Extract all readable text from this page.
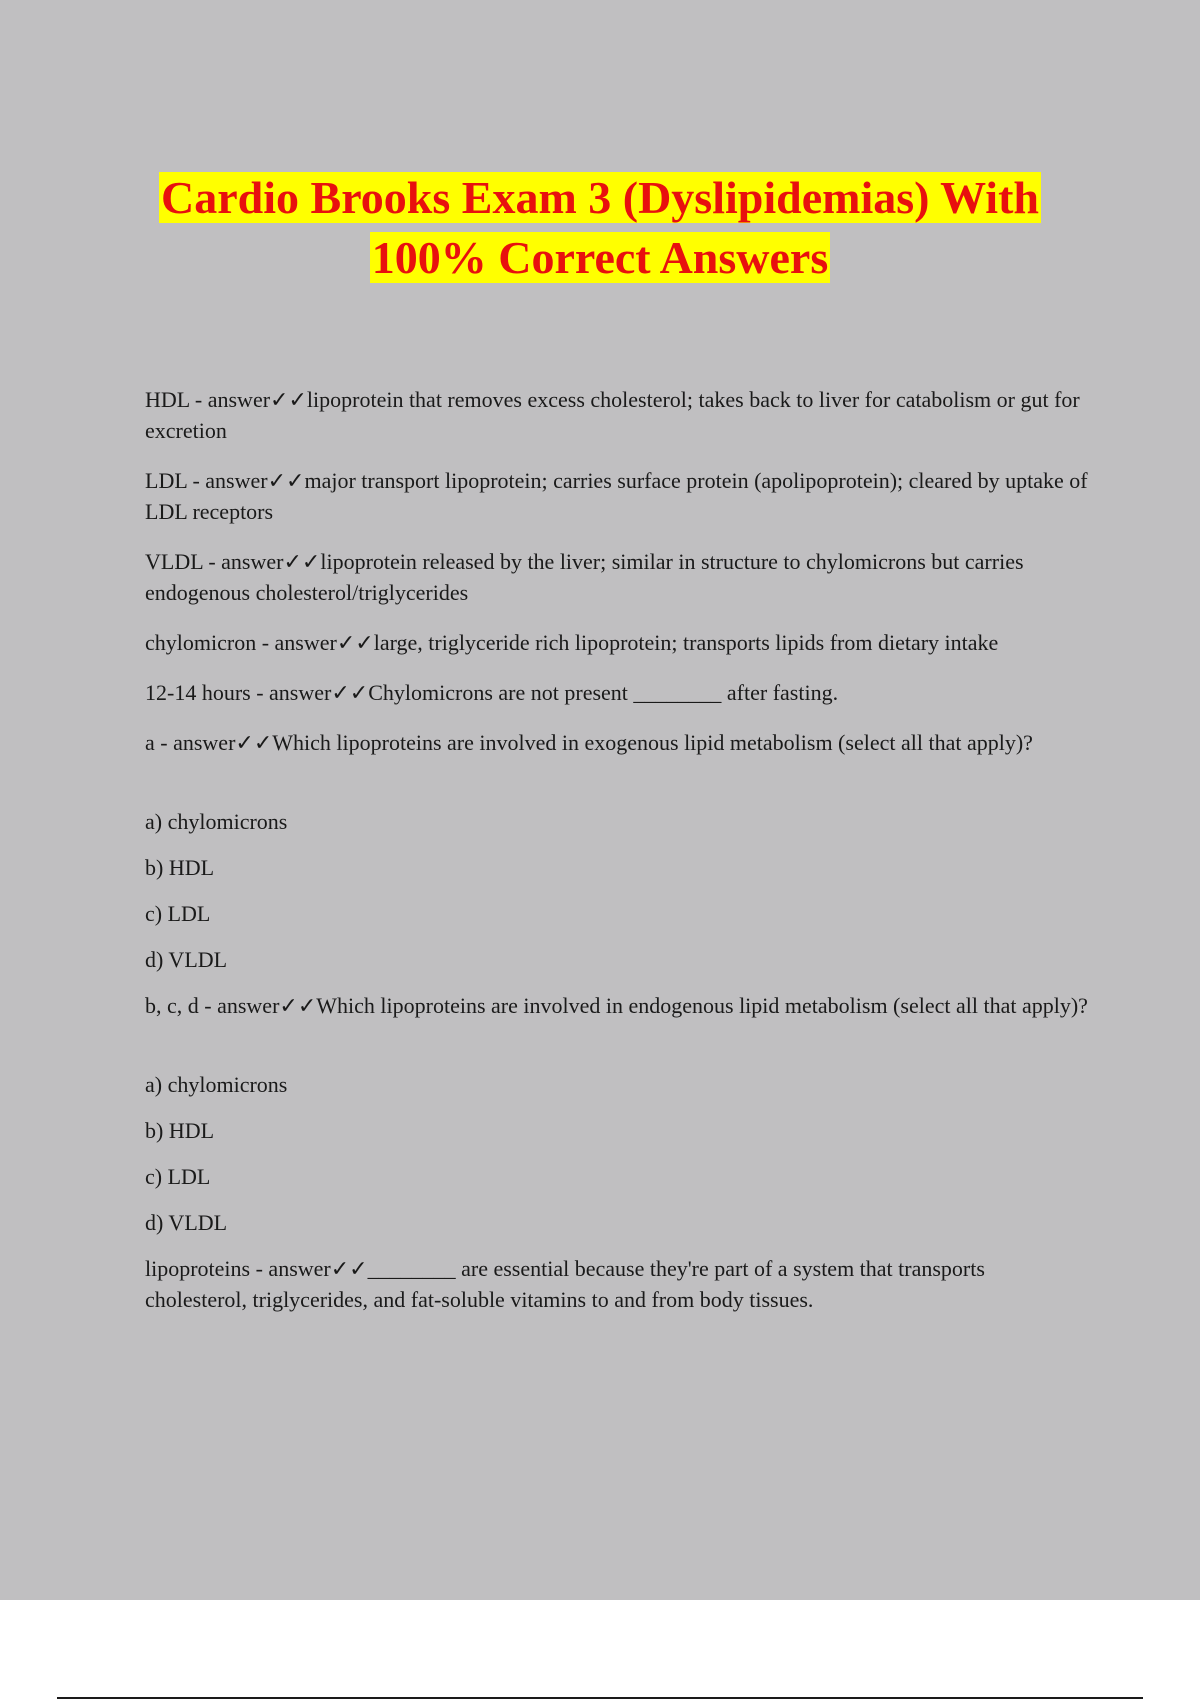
Cardio Brooks Exam 3 (Dyslipidemias) With
100% Correct Answers

HDL - answer✓✓lipoprotein that removes excess cholesterol; takes back to liver for catabolism or gut for excretion

LDL - answer✓✓major transport lipoprotein; carries surface protein (apolipoprotein); cleared by uptake of LDL receptors

VLDL - answer✓✓lipoprotein released by the liver; similar in structure to chylomicrons but carries endogenous cholesterol/triglycerides

chylomicron - answer✓✓large, triglyceride rich lipoprotein; transports lipids from dietary intake

12-14 hours - answer✓✓Chylomicrons are not present ________ after fasting.

a - answer✓✓Which lipoproteins are involved in exogenous lipid metabolism (select all that apply)?

a) chylomicrons

b) HDL

c) LDL

d) VLDL

b, c, d - answer✓✓Which lipoproteins are involved in endogenous lipid metabolism (select all that apply)?

a) chylomicrons

b) HDL

c) LDL

d) VLDL

lipoproteins - answer✓✓________ are essential because they're part of a system that transports cholesterol, triglycerides, and fat-soluble vitamins to and from body tissues.
